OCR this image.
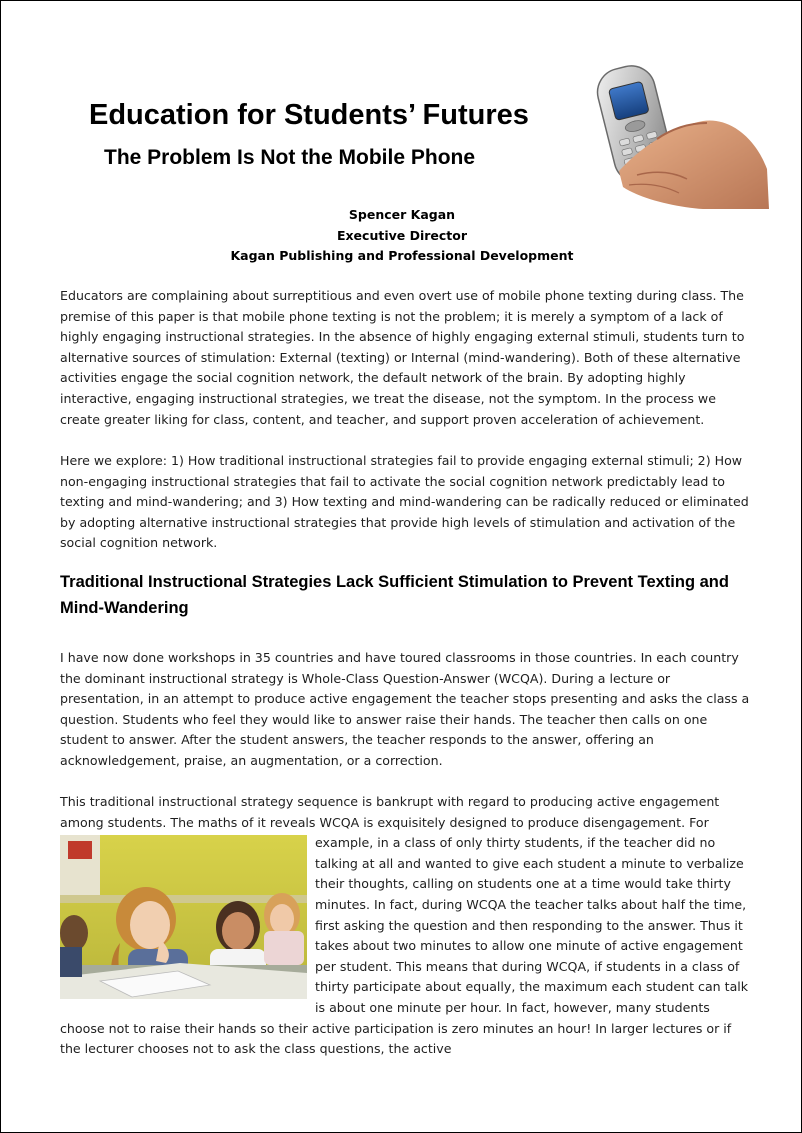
Education for Students’ Futures
The Problem Is Not the Mobile Phone
Spencer Kagan
Executive Director
Kagan Publishing and Professional Development

Educators are complaining about surreptitious and even overt use of mobile phone texting during class. The premise of this paper is that mobile phone texting is not the problem; it is merely a symptom of a lack of highly engaging instructional strategies. In the absence of highly engaging external stimuli, students turn to alternative sources of stimulation: External (texting) or Internal (mind-wandering). Both of these alternative activities engage the social cognition network, the default network of the brain. By adopting highly interactive, engaging instructional strategies, we treat the disease, not the symptom. In the process we create greater liking for class, content, and teacher, and support proven acceleration of achievement.

Here we explore: 1) How traditional instructional strategies fail to provide engaging external stimuli; 2) How non-engaging instructional strategies that fail to activate the social cognition network predictably lead to texting and mind-wandering; and 3) How texting and mind-wandering can be radically reduced or eliminated by adopting alternative instructional strategies that provide high levels of stimulation and activation of the social cognition network.

Traditional Instructional Strategies Lack Sufficient Stimulation to Prevent Texting and Mind-Wandering

I have now done workshops in 35 countries and have toured classrooms in those countries. In each country the dominant instructional strategy is Whole-Class Question-Answer (WCQA). During a lecture or presentation, in an attempt to produce active engagement the teacher stops presenting and asks the class a question. Students who feel they would like to answer raise their hands. The teacher then calls on one student to answer. After the student answers, the teacher responds to the answer, offering an acknowledgement, praise, an augmentation, or a correction.

This traditional instructional strategy sequence is bankrupt with regard to producing active engagement among students. The maths of it reveals WCQA is exquisitely designed to produce disengagement. For example, in a class of only thirty students, if the teacher did no talking at all and wanted to give each student a minute to verbalize their thoughts, calling on students one at a time would take thirty minutes. In fact, during WCQA the teacher talks about half the time, first asking the question and then responding to the answer. Thus it takes about two minutes to allow one minute of active engagement per student. This means that during WCQA, if students in a class of thirty participate about equally, the maximum each student can talk is about one minute per hour. In fact, however, many students choose not to raise their hands so their active participation is zero minutes an hour! In larger lectures or if the lecturer chooses not to ask the class questions, the active
